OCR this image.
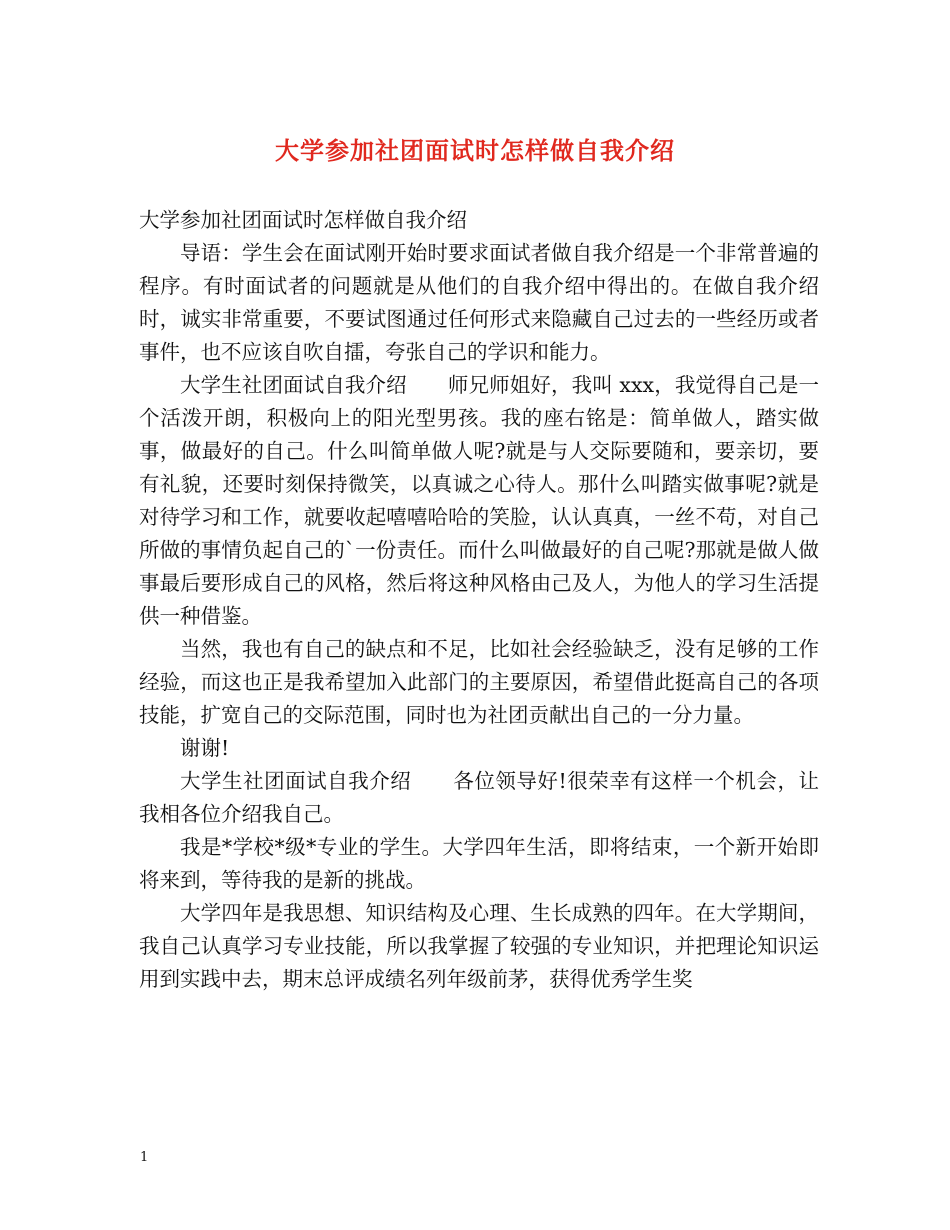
大学参加社团面试时怎样做自我介绍

大学参加社团面试时怎样做自我介绍

导语：学生会在面试刚开始时要求面试者做自我介绍是一个非常普遍的程序。有时面试者的问题就是从他们的自我介绍中得出的。在做自我介绍时，诚实非常重要，不要试图通过任何形式来隐藏自己过去的一些经历或者事件，也不应该自吹自擂，夸张自己的学识和能力。

大学生社团面试自我介绍　　师兄师姐好，我叫 xxx，我觉得自己是一个活泼开朗，积极向上的阳光型男孩。我的座右铭是：简单做人，踏实做事，做最好的自己。什么叫简单做人呢?就是与人交际要随和，要亲切，要有礼貌，还要时刻保持微笑，以真诚之心待人。那什么叫踏实做事呢?就是对待学习和工作，就要收起嘻嘻哈哈的笑脸，认认真真，一丝不苟，对自己所做的事情负起自己的`一份责任。而什么叫做最好的自己呢?那就是做人做事最后要形成自己的风格，然后将这种风格由己及人，为他人的学习生活提供一种借鉴。

当然，我也有自己的缺点和不足，比如社会经验缺乏，没有足够的工作经验，而这也正是我希望加入此部门的主要原因，希望借此挺高自己的各项技能，扩宽自己的交际范围，同时也为社团贡献出自己的一分力量。

谢谢!

大学生社团面试自我介绍　　各位领导好!很荣幸有这样一个机会，让我相各位介绍我自己。

我是*学校*级*专业的学生。大学四年生活，即将结束，一个新开始即将来到，等待我的是新的挑战。

大学四年是我思想、知识结构及心理、生长成熟的四年。在大学期间，我自己认真学习专业技能，所以我掌握了较强的专业知识，并把理论知识运用到实践中去，期末总评成绩名列年级前茅，获得优秀学生奖

1
